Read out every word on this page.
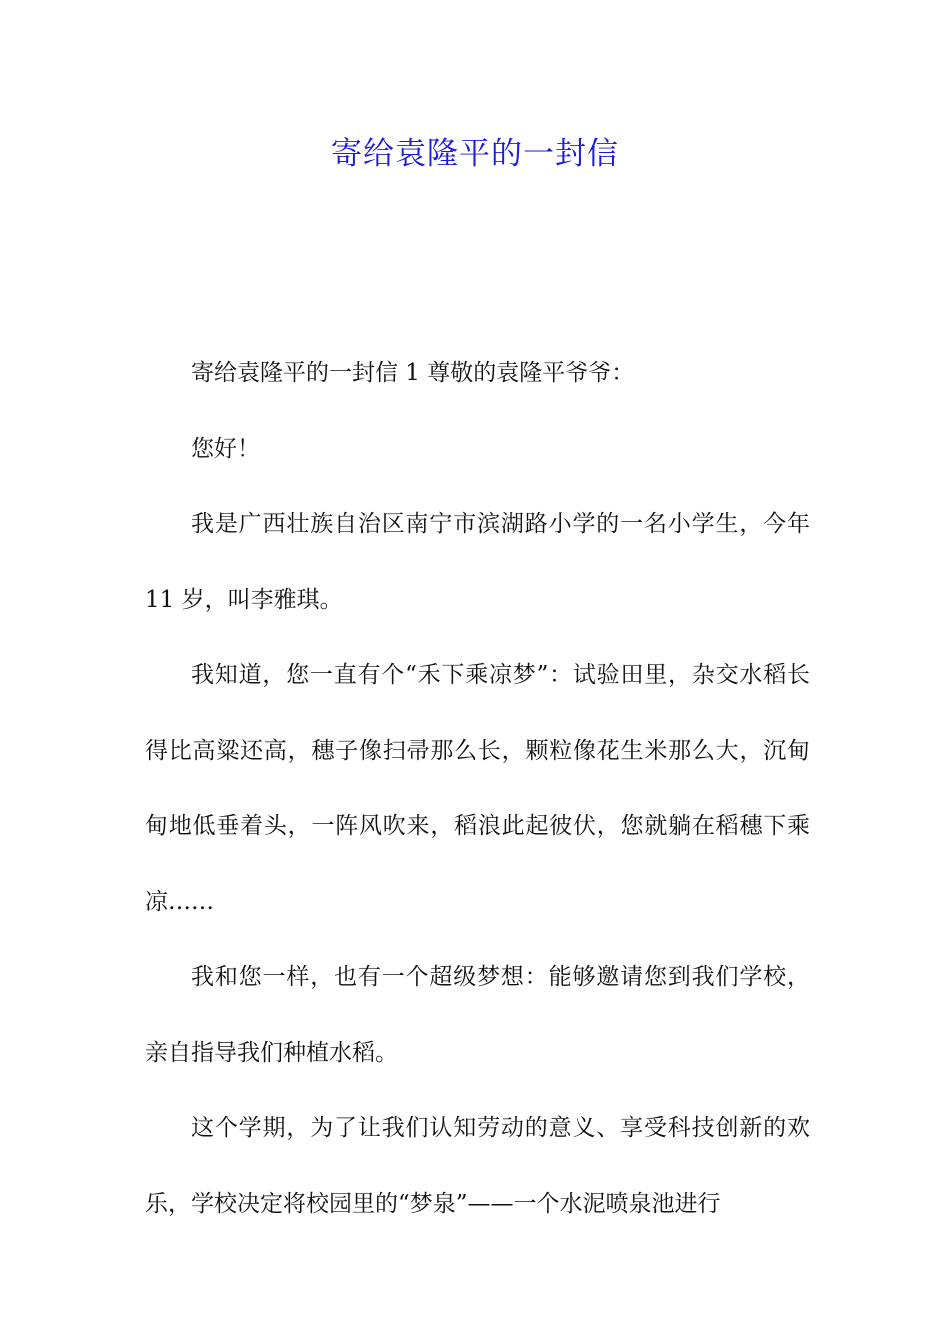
寄给袁隆平的一封信

寄给袁隆平的一封信 1 尊敬的袁隆平爷爷：

您好！

我是广西壮族自治区南宁市滨湖路小学的一名小学生，今年 11 岁，叫李雅琪。

我知道，您一直有个“禾下乘凉梦”：试验田里，杂交水稻长得比高粱还高，穗子像扫帚那么长，颗粒像花生米那么大，沉甸甸地低垂着头，一阵风吹来，稻浪此起彼伏，您就躺在稻穗下乘凉……

我和您一样，也有一个超级梦想：能够邀请您到我们学校，亲自指导我们种植水稻。

这个学期，为了让我们认知劳动的意义、享受科技创新的欢乐，学校决定将校园里的“梦泉”——一个水泥喷泉池进行
